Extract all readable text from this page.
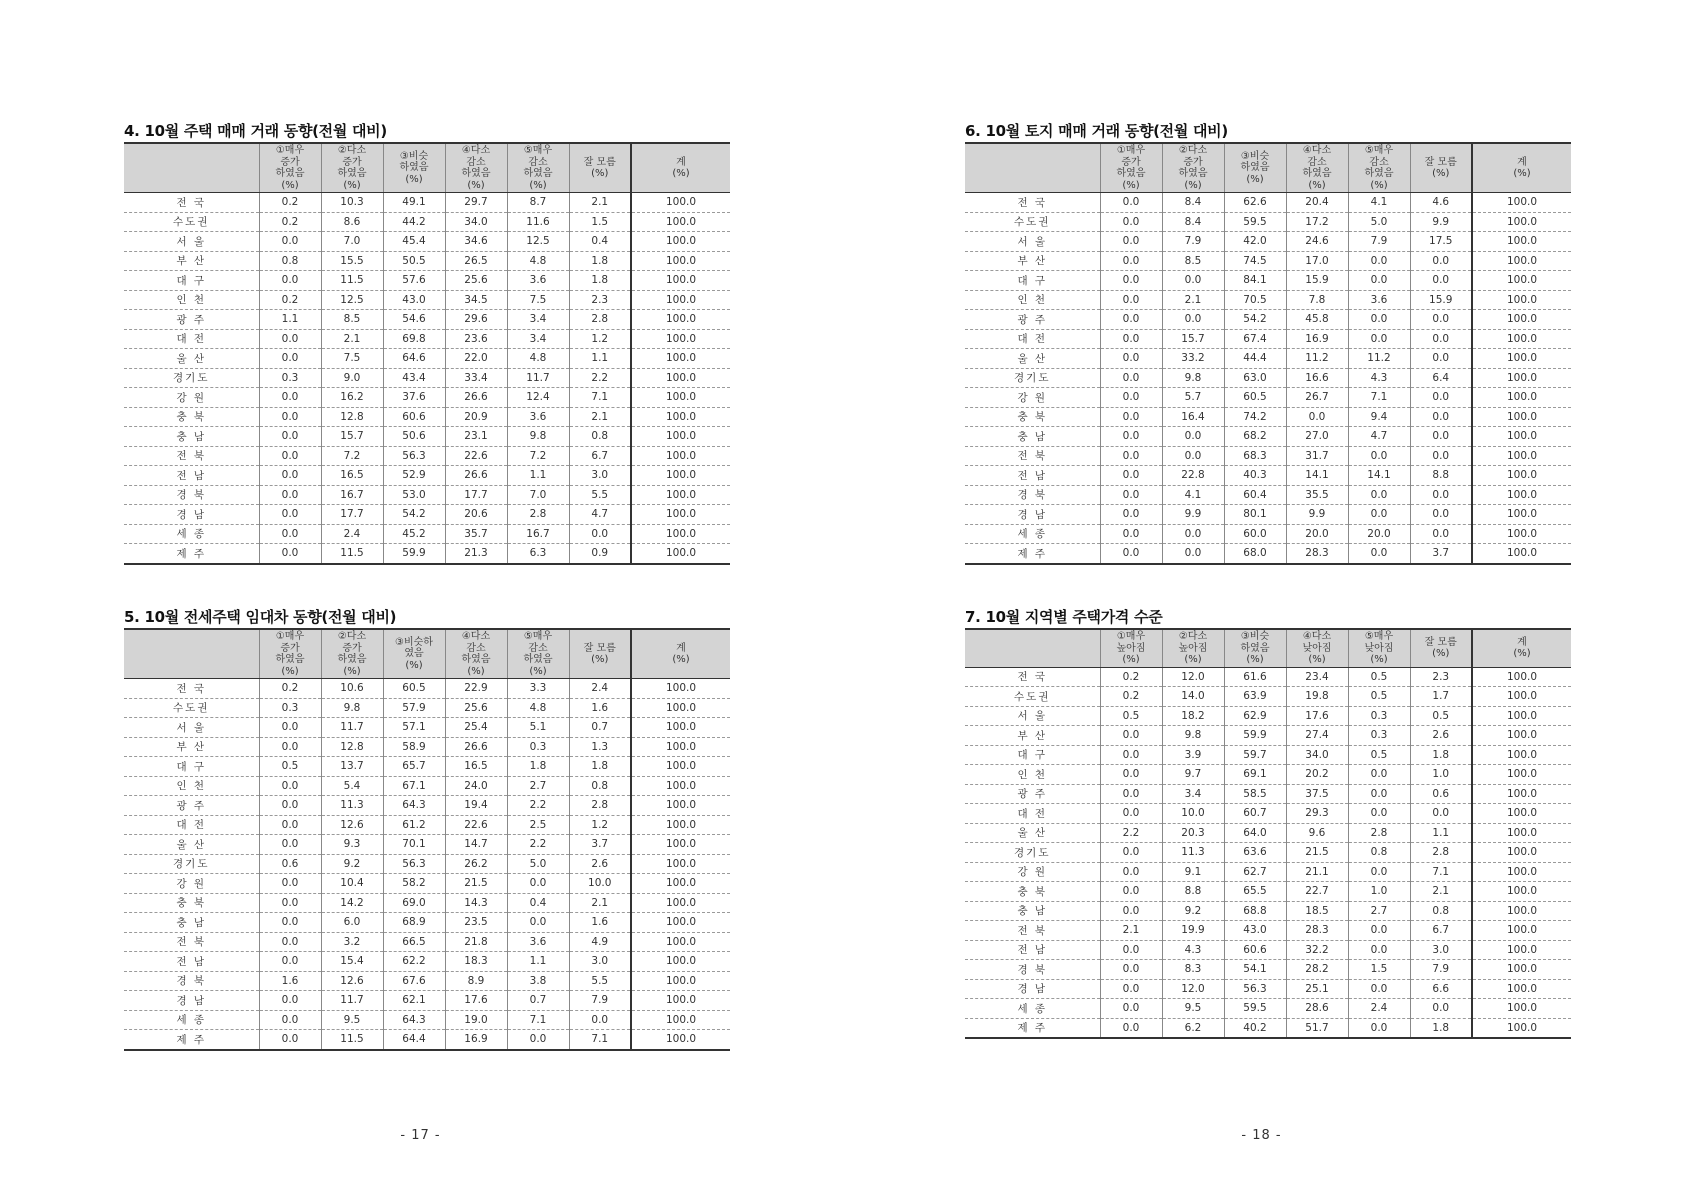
4. 10월 주택 매매 거래 동향(전월 대비)
	①매우
증가
하였음
(%)	②다소
증가
하였음
(%)	③비슷
하였음
(%)	④다소
감소
하였음
(%)	⑤매우
감소
하였음
(%)	잘 모름
(%)	계
(%)
전 국	0.2	10.3	49.1	29.7	8.7	2.1	100.0
수도권	0.2	8.6	44.2	34.0	11.6	1.5	100.0
서 울	0.0	7.0	45.4	34.6	12.5	0.4	100.0
부 산	0.8	15.5	50.5	26.5	4.8	1.8	100.0
대 구	0.0	11.5	57.6	25.6	3.6	1.8	100.0
인 천	0.2	12.5	43.0	34.5	7.5	2.3	100.0
광 주	1.1	8.5	54.6	29.6	3.4	2.8	100.0
대 전	0.0	2.1	69.8	23.6	3.4	1.2	100.0
울 산	0.0	7.5	64.6	22.0	4.8	1.1	100.0
경기도	0.3	9.0	43.4	33.4	11.7	2.2	100.0
강 원	0.0	16.2	37.6	26.6	12.4	7.1	100.0
충 북	0.0	12.8	60.6	20.9	3.6	2.1	100.0
충 남	0.0	15.7	50.6	23.1	9.8	0.8	100.0
전 북	0.0	7.2	56.3	22.6	7.2	6.7	100.0
전 남	0.0	16.5	52.9	26.6	1.1	3.0	100.0
경 북	0.0	16.7	53.0	17.7	7.0	5.5	100.0
경 남	0.0	17.7	54.2	20.6	2.8	4.7	100.0
세 종	0.0	2.4	45.2	35.7	16.7	0.0	100.0
제 주	0.0	11.5	59.9	21.3	6.3	0.9	100.0
5. 10월 전세주택 임대차 동향(전월 대비)
	①매우
증가
하였음
(%)	②다소
증가
하였음
(%)	③비슷하
였음
(%)	④다소
감소
하였음
(%)	⑤매우
감소
하였음
(%)	잘 모름
(%)	계
(%)
전 국	0.2	10.6	60.5	22.9	3.3	2.4	100.0
수도권	0.3	9.8	57.9	25.6	4.8	1.6	100.0
서 울	0.0	11.7	57.1	25.4	5.1	0.7	100.0
부 산	0.0	12.8	58.9	26.6	0.3	1.3	100.0
대 구	0.5	13.7	65.7	16.5	1.8	1.8	100.0
인 천	0.0	5.4	67.1	24.0	2.7	0.8	100.0
광 주	0.0	11.3	64.3	19.4	2.2	2.8	100.0
대 전	0.0	12.6	61.2	22.6	2.5	1.2	100.0
울 산	0.0	9.3	70.1	14.7	2.2	3.7	100.0
경기도	0.6	9.2	56.3	26.2	5.0	2.6	100.0
강 원	0.0	10.4	58.2	21.5	0.0	10.0	100.0
충 북	0.0	14.2	69.0	14.3	0.4	2.1	100.0
충 남	0.0	6.0	68.9	23.5	0.0	1.6	100.0
전 북	0.0	3.2	66.5	21.8	3.6	4.9	100.0
전 남	0.0	15.4	62.2	18.3	1.1	3.0	100.0
경 북	1.6	12.6	67.6	8.9	3.8	5.5	100.0
경 남	0.0	11.7	62.1	17.6	0.7	7.9	100.0
세 종	0.0	9.5	64.3	19.0	7.1	0.0	100.0
제 주	0.0	11.5	64.4	16.9	0.0	7.1	100.0
- 17 -
6. 10월 토지 매매 거래 동향(전월 대비)
	①매우
증가
하였음
(%)	②다소
증가
하였음
(%)	③비슷
하였음
(%)	④다소
감소
하였음
(%)	⑤매우
감소
하였음
(%)	잘 모름
(%)	계
(%)
전 국	0.0	8.4	62.6	20.4	4.1	4.6	100.0
수도권	0.0	8.4	59.5	17.2	5.0	9.9	100.0
서 울	0.0	7.9	42.0	24.6	7.9	17.5	100.0
부 산	0.0	8.5	74.5	17.0	0.0	0.0	100.0
대 구	0.0	0.0	84.1	15.9	0.0	0.0	100.0
인 천	0.0	2.1	70.5	7.8	3.6	15.9	100.0
광 주	0.0	0.0	54.2	45.8	0.0	0.0	100.0
대 전	0.0	15.7	67.4	16.9	0.0	0.0	100.0
울 산	0.0	33.2	44.4	11.2	11.2	0.0	100.0
경기도	0.0	9.8	63.0	16.6	4.3	6.4	100.0
강 원	0.0	5.7	60.5	26.7	7.1	0.0	100.0
충 북	0.0	16.4	74.2	0.0	9.4	0.0	100.0
충 남	0.0	0.0	68.2	27.0	4.7	0.0	100.0
전 북	0.0	0.0	68.3	31.7	0.0	0.0	100.0
전 남	0.0	22.8	40.3	14.1	14.1	8.8	100.0
경 북	0.0	4.1	60.4	35.5	0.0	0.0	100.0
경 남	0.0	9.9	80.1	9.9	0.0	0.0	100.0
세 종	0.0	0.0	60.0	20.0	20.0	0.0	100.0
제 주	0.0	0.0	68.0	28.3	0.0	3.7	100.0
7. 10월 지역별 주택가격 수준
	①매우
높아짐
(%)	②다소
높아짐
(%)	③비슷
하였음
(%)	④다소
낮아짐
(%)	⑤매우
낮아짐
(%)	잘 모름
(%)	계
(%)
전 국	0.2	12.0	61.6	23.4	0.5	2.3	100.0
수도권	0.2	14.0	63.9	19.8	0.5	1.7	100.0
서 울	0.5	18.2	62.9	17.6	0.3	0.5	100.0
부 산	0.0	9.8	59.9	27.4	0.3	2.6	100.0
대 구	0.0	3.9	59.7	34.0	0.5	1.8	100.0
인 천	0.0	9.7	69.1	20.2	0.0	1.0	100.0
광 주	0.0	3.4	58.5	37.5	0.0	0.6	100.0
대 전	0.0	10.0	60.7	29.3	0.0	0.0	100.0
울 산	2.2	20.3	64.0	9.6	2.8	1.1	100.0
경기도	0.0	11.3	63.6	21.5	0.8	2.8	100.0
강 원	0.0	9.1	62.7	21.1	0.0	7.1	100.0
충 북	0.0	8.8	65.5	22.7	1.0	2.1	100.0
충 남	0.0	9.2	68.8	18.5	2.7	0.8	100.0
전 북	2.1	19.9	43.0	28.3	0.0	6.7	100.0
전 남	0.0	4.3	60.6	32.2	0.0	3.0	100.0
경 북	0.0	8.3	54.1	28.2	1.5	7.9	100.0
경 남	0.0	12.0	56.3	25.1	0.0	6.6	100.0
세 종	0.0	9.5	59.5	28.6	2.4	0.0	100.0
제 주	0.0	6.2	40.2	51.7	0.0	1.8	100.0
- 18 -
